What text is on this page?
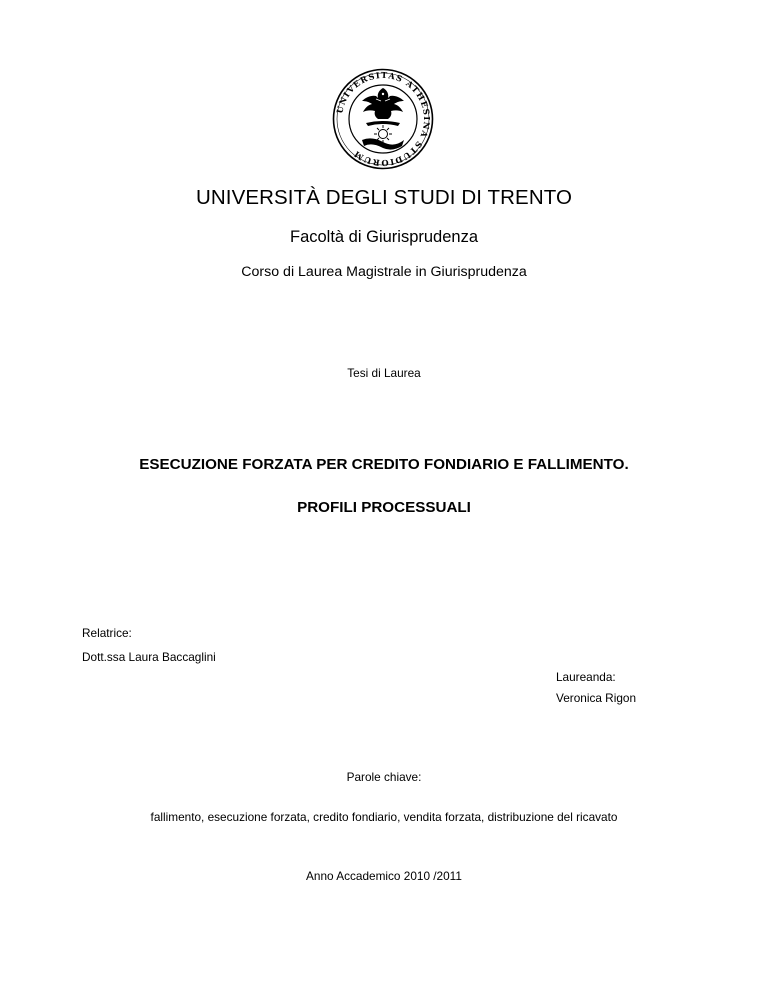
UNIVERSITAS ATHESINA STUDIORUM
UNIVERSITÀ DEGLI STUDI DI TRENTO
Facoltà di Giurisprudenza
Corso di Laurea Magistrale in Giurisprudenza
Tesi di Laurea
ESECUZIONE FORZATA PER CREDITO FONDIARIO E FALLIMENTO.
PROFILI PROCESSUALI
Relatrice:
Dott.ssa Laura Baccaglini
Laureanda:
Veronica Rigon
Parole chiave:
fallimento, esecuzione forzata, credito fondiario, vendita forzata, distribuzione del ricavato
Anno Accademico 2010 /2011
